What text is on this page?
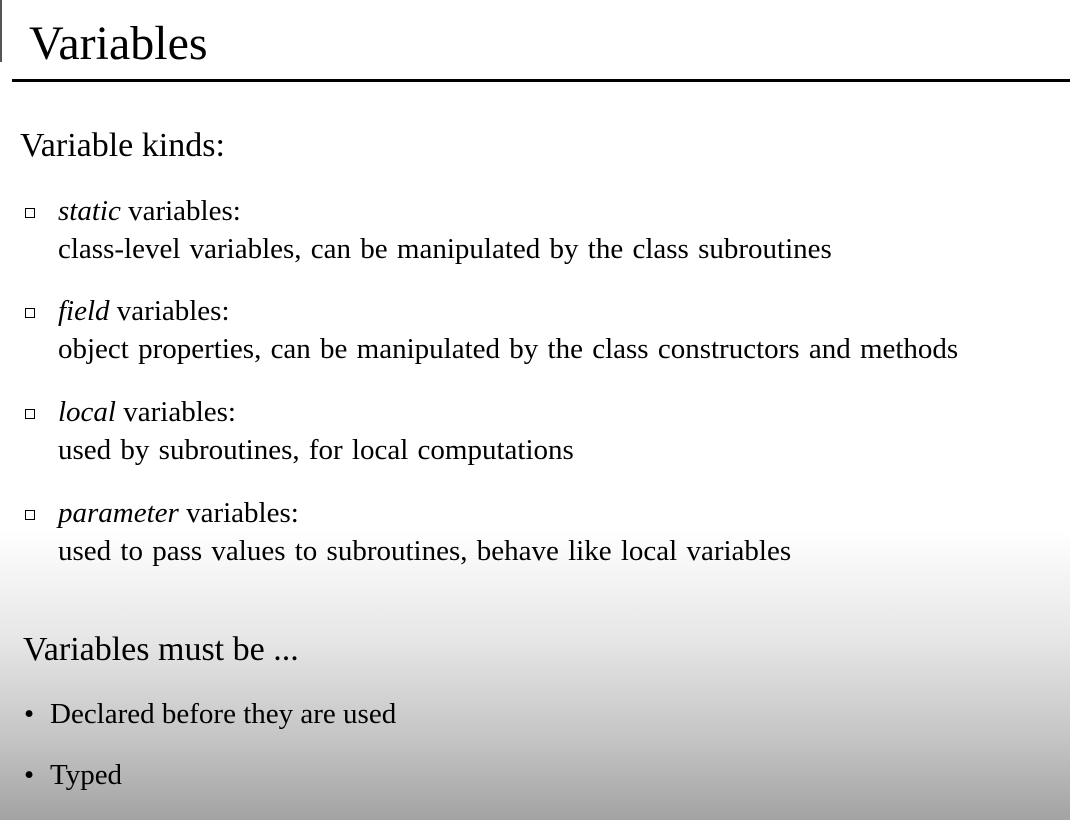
Variables
Variable kinds:
static variables:
class-level variables, can be manipulated by the class subroutines
field variables:
object properties, can be manipulated by the class constructors and methods
local variables:
used by subroutines, for local computations
parameter variables:
used to pass values to subroutines, behave like local variables
Variables must be ...
• Declared before they are used
• Typed
